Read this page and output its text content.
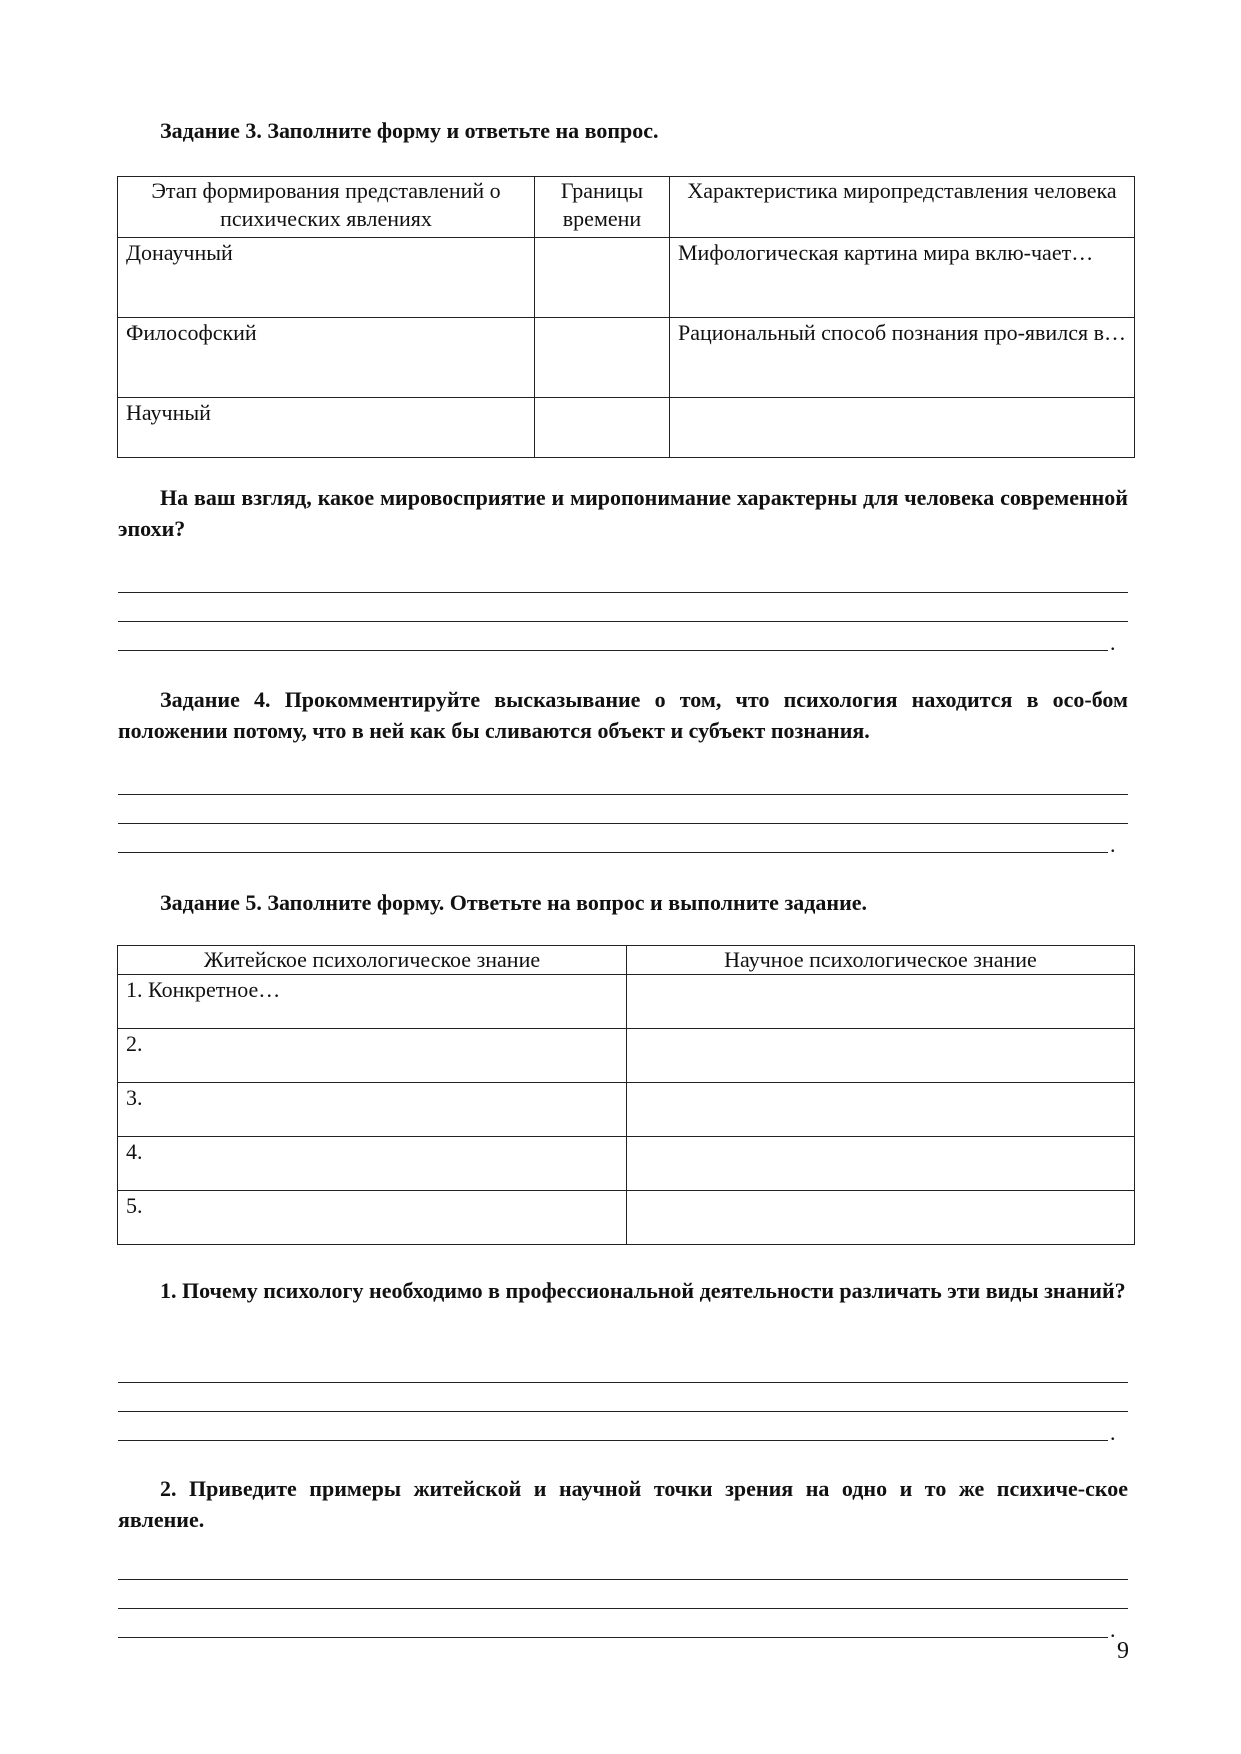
Задание 3. Заполните форму и ответьте на вопрос.
Этап формирования представлений о психических явлениях	Границы времени	Характеристика миропредставления человека
Донаучный		Мифологическая картина мира вклю-чает…
Философский		Рациональный способ познания про-явился в…
Научный		
На ваш взгляд, какое мировосприятие и миропонимание характерны для человека современной эпохи?
.
Задание 4. Прокомментируйте высказывание о том, что психология находится в осо-бом положении потому, что в ней как бы сливаются объект и субъект познания.
.
Задание 5. Заполните форму. Ответьте на вопрос и выполните задание.
Житейское психологическое знание	Научное психологическое знание
1. Конкретное…	
2.	
3.	
4.	
5.	
1. Почему психологу необходимо в профессиональной деятельности различать эти виды знаний?
.
2. Приведите примеры житейской и научной точки зрения на одно и то же психиче-ское явление.
.
9
